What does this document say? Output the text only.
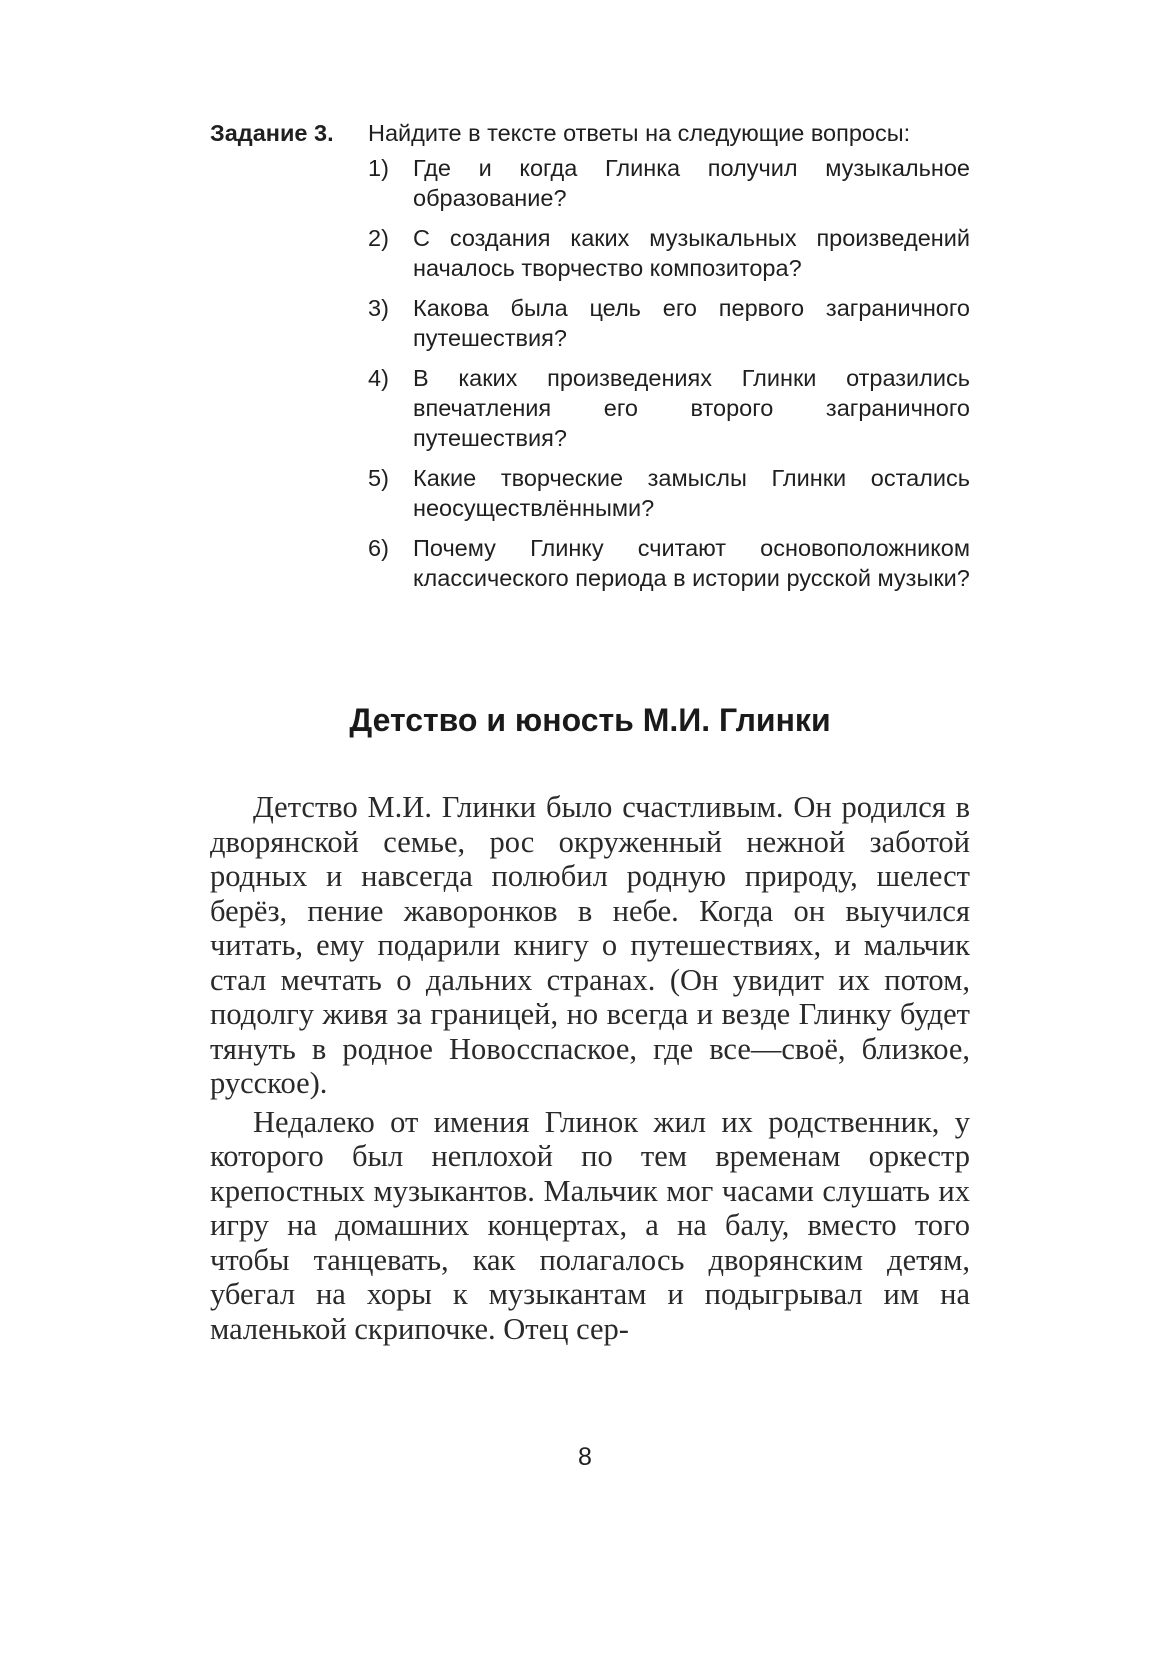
Задание 3.	Найдите в тексте ответы на следующие вопросы:
1)	Где и когда Глинка получил музыкальное образование?
2)	С создания каких музыкальных произведений началось творчество композитора?
3)	Какова была цель его первого заграничного путешествия?
4)	В каких произведениях Глинки отразились впечатления его второго заграничного путешествия?
5)	Какие творческие замыслы Глинки остались неосуществлёнными?
6)	Почему Глинку считают основоположником классического периода в истории русской музыки?
Детство и юность М.И. Глинки

Детство М.И. Глинки было счастливым. Он родился в дворянской семье, рос окруженный нежной заботой родных и навсегда полюбил родную природу, шелест берёз, пение жаворонков в небе. Когда он выучился читать, ему подарили книгу о путешествиях, и мальчик стал мечтать о дальних странах. (Он увидит их потом, подолгу живя за границей, но всегда и везде Глинку будет тянуть в родное Новосспаское, где все—своё, близкое, русское).

Недалеко от имения Глинок жил их родственник, у которого был неплохой по тем временам оркестр крепостных музыкантов. Мальчик мог часами слушать их игру на домашних концертах, а на балу, вместо того чтобы танцевать, как полагалось дворянским детям, убегал на хоры к музыкантам и подыгрывал им на маленькой скрипочке. Отец сер-

8
